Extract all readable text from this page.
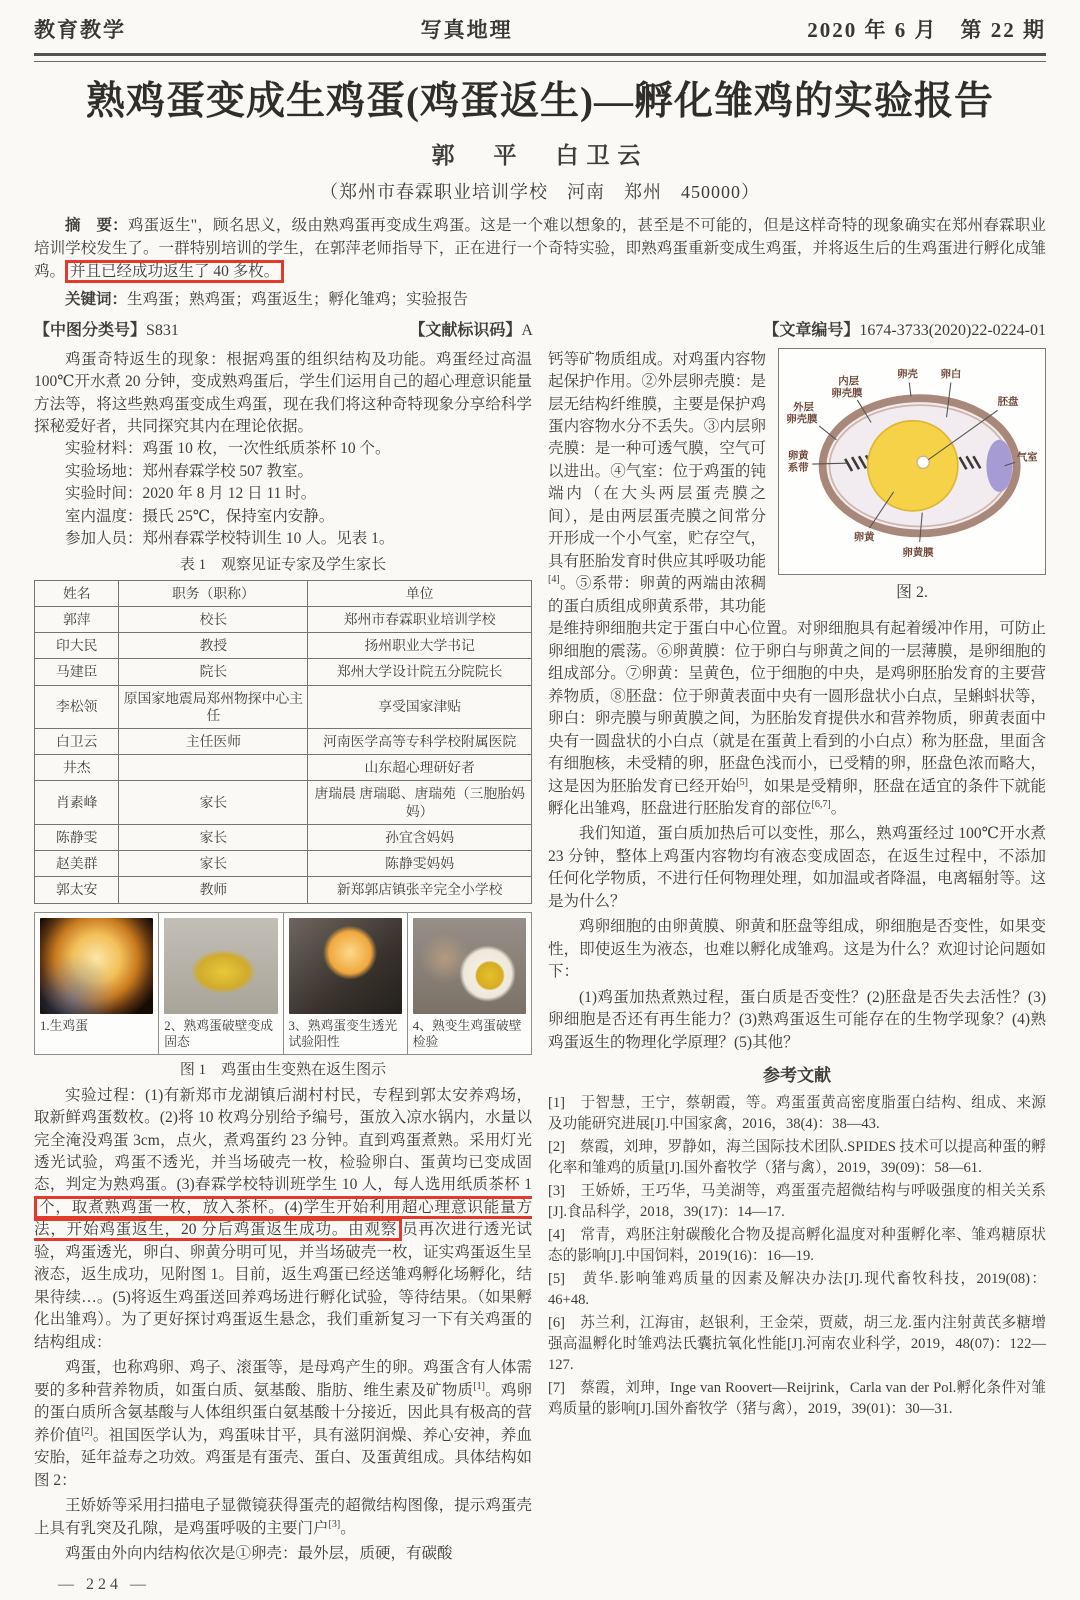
教育教学	写真地理	2020 年 6 月　第 22 期
熟鸡蛋变成生鸡蛋(鸡蛋返生)—孵化雏鸡的实验报告
郭　平　白卫云
（郑州市春霖职业培训学校　河南　郑州　450000）

摘　要：鸡蛋返生"，顾名思义，级由熟鸡蛋再变成生鸡蛋。这是一个难以想象的，甚至是不可能的，但是这样奇特的现象确实在郑州春霖职业培训学校发生了。一群特别培训的学生，在郭萍老师指导下，正在进行一个奇特实验，即熟鸡蛋重新变成生鸡蛋，并将返生后的生鸡蛋进行孵化成雏鸡。 并且已经成功返生了 40 多枚。

关键词：生鸡蛋；熟鸡蛋；鸡蛋返生；孵化雏鸡；实验报告

【中图分类号】S831	【文献标识码】A	【文章编号】1674-3733(2020)22-0224-01

鸡蛋奇特返生的现象：根据鸡蛋的组织结构及功能。鸡蛋经过高温 100℃开水煮 20 分钟，变成熟鸡蛋后，学生们运用自己的超心理意识能量方法等，将这些熟鸡蛋变成生鸡蛋，现在我们将这种奇特现象分享给科学探秘爱好者，共同探究其内在理论依据。

实验材料：鸡蛋 10 枚，一次性纸质茶杯 10 个。

实验场地：郑州春霖学校 507 教室。

实验时间：2020 年 8 月 12 日 11 时。

室内温度：摄氏 25℃，保持室内安静。

参加人员：郑州春霖学校特训生 10 人。见表 1。

表 1　观察见证专家及学生家长
姓名	职务（职称）	单位
郭萍	校长	郑州市春霖职业培训学校
印大民	教授	扬州职业大学书记
马建臣	院长	郑州大学设计院五分院院长
李松领	原国家地震局郑州物探中心主任	享受国家津贴
白卫云	主任医师	河南医学高等专科学校附属医院
井杰		山东超心理研好者
肖素峰	家长	唐瑞晨 唐瑞聪、唐瑞苑（三胞胎妈妈）
陈静雯	家长	孙宜含妈妈
赵美群	家长	陈静雯妈妈
郭太安	教师	新郑郭店镇张辛完全小学校
1.生鸡蛋	2、熟鸡蛋破壁变成固态
3、熟鸡蛋变生透光试验阳性
4、熟变生鸡蛋破壁检验
图 1　鸡蛋由生变熟在返生图示

实验过程：(1)有新郑市龙湖镇后湖村村民，专程到郭太安养鸡场，取新鲜鸡蛋数枚。(2)将 10 枚鸡分别给予编号，蛋放入凉水锅内，水量以完全淹没鸡蛋 3cm，点火，煮鸡蛋约 23 分钟。直到鸡蛋煮熟。采用灯光透光试验，鸡蛋不透光，并当场破壳一枚，检验卵白、蛋黄均已变成固态，判定为熟鸡蛋。(3)春霖学校特训班学生 10 人，每人选用纸质茶杯 1 个，取煮熟鸡蛋一枚，放入茶杯。(4)学生开始利用超心理意识能量方法，开始鸡蛋返生，20 分后鸡蛋返生成功。由观察 员再次进行透光试验，鸡蛋透光，卵白、卵黄分明可见，并当场破壳一枚，证实鸡蛋返生呈液态，返生成功，见附图 1。目前，返生鸡蛋已经送雏鸡孵化场孵化，结果待续…。(5)将返生鸡蛋送回养鸡场进行孵化试验，等待结果。（如果孵化出雏鸡）。为了更好探讨鸡蛋返生悬念，我们重新复习一下有关鸡蛋的结构组成：

鸡蛋，也称鸡卵、鸡子、滚蛋等，是母鸡产生的卵。鸡蛋含有人体需要的多种营养物质，如蛋白质、氨基酸、脂肪、维生素及矿物质[1]。鸡卵的蛋白质所含氨基酸与人体组织蛋白氨基酸十分接近，因此具有极高的营养价值[2]。祖国医学认为，鸡蛋味甘平，具有滋阴润燥、养心安神，养血安胎，延年益寿之功效。鸡蛋是有蛋壳、蛋白、及蛋黄组成。具体结构如图 2：

王娇娇等采用扫描电子显微镜获得蛋壳的超微结构图像，提示鸡蛋壳上具有乳突及孔隙，是鸡蛋呼吸的主要门户[3]。

鸡蛋由外向内结构依次是①卵壳：最外层，质硬，有碳酸

— 224 —
外层
卵壳膜
内层
卵壳膜
卵壳 卵白
胚盘
气室
卵黄
系带
卵黄
卵黄膜
图 2.

钙等矿物质组成。对鸡蛋内容物起保护作用。②外层卵壳膜：是层无结构纤维膜，主要是保护鸡蛋内容物水分不丢失。③内层卵壳膜：是一种可透气膜，空气可以进出。④气室：位于鸡蛋的钝端内（在大头两层蛋壳膜之间），是由两层蛋壳膜之间常分开形成一个小气室，贮存空气，具有胚胎发育时供应其呼吸功能[4]。⑤系带：卵黄的两端由浓稠的蛋白质组成卵黄系带，其功能是维持卵细胞共定于蛋白中心位置。对卵细胞具有起着缓冲作用，可防止卵细胞的震荡。⑥卵黄膜：位于卵白与卵黄之间的一层薄膜，是卵细胞的组成部分。⑦卵黄：呈黄色，位于细胞的中央，是鸡卵胚胎发育的主要营养物质，⑧胚盘：位于卵黄表面中央有一圆形盘状小白点，呈蝌蚪状等，卵白：卵壳膜与卵黄膜之间，为胚胎发育提供水和营养物质，卵黄表面中央有一圆盘状的小白点（就是在蛋黄上看到的小白点）称为胚盘，里面含有细胞核，未受精的卵，胚盘色浅而小，已受精的卵，胚盘色浓而略大，这是因为胚胎发育已经开始[5]，如果是受精卵，胚盘在适宜的条件下就能孵化出雏鸡，胚盘进行胚胎发育的部位[6,7]。

我们知道，蛋白质加热后可以变性，那么，熟鸡蛋经过 100℃开水煮 23 分钟，整体上鸡蛋内容物均有液态变成固态，在返生过程中，不添加任何化学物质，不进行任何物理处理，如加温或者降温，电离辐射等。这是为什么？

鸡卵细胞的由卵黄膜、卵黄和胚盘等组成，卵细胞是否变性，如果变性，即使返生为液态，也难以孵化成雏鸡。这是为什么？欢迎讨论问题如下：

(1)鸡蛋加热煮熟过程，蛋白质是否变性？(2)胚盘是否失去活性？(3)卵细胞是否还有再生能力？(3)熟鸡蛋返生可能存在的生物学现象？(4)熟鸡蛋返生的物理化学原理？(5)其他？

参考文献

[1]　于智慧，王宁，蔡朝霞，等。鸡蛋蛋黄高密度脂蛋白结构、组成、来源及功能研究进展[J].中国家禽，2016，38(4)：38—43.

[2]　蔡霞，刘珅，罗静如，海兰国际技术团队.SPIDES 技术可以提高种蛋的孵化率和雏鸡的质量[J].国外畜牧学（猪与禽），2019，39(09)：58—61.

[3]　王娇娇，王巧华，马美湖等，鸡蛋蛋壳超微结构与呼吸强度的相关关系[J].食品科学，2018，39(17)：14—17.

[4]　常青，鸡胚注射碳酸化合物及提高孵化温度对种蛋孵化率、雏鸡糖原状态的影响[J].中国饲料，2019(16)：16—19.

[5]　黄华.影响雏鸡质量的因素及解决办法[J].现代畜牧科技，2019(08)：46+48.

[6]　苏兰利，江海宙，赵银利，王金荣，贾葳，胡三龙.蛋内注射黄芪多糖增强高温孵化时雏鸡法氏囊抗氧化性能[J].河南农业科学，2019，48(07)：122—127.

[7]　蔡霞，刘珅，Inge van Roovert—Reijrink，Carla van der Pol.孵化条件对雏鸡质量的影响[J].国外畜牧学（猪与禽），2019，39(01)：30—31.
